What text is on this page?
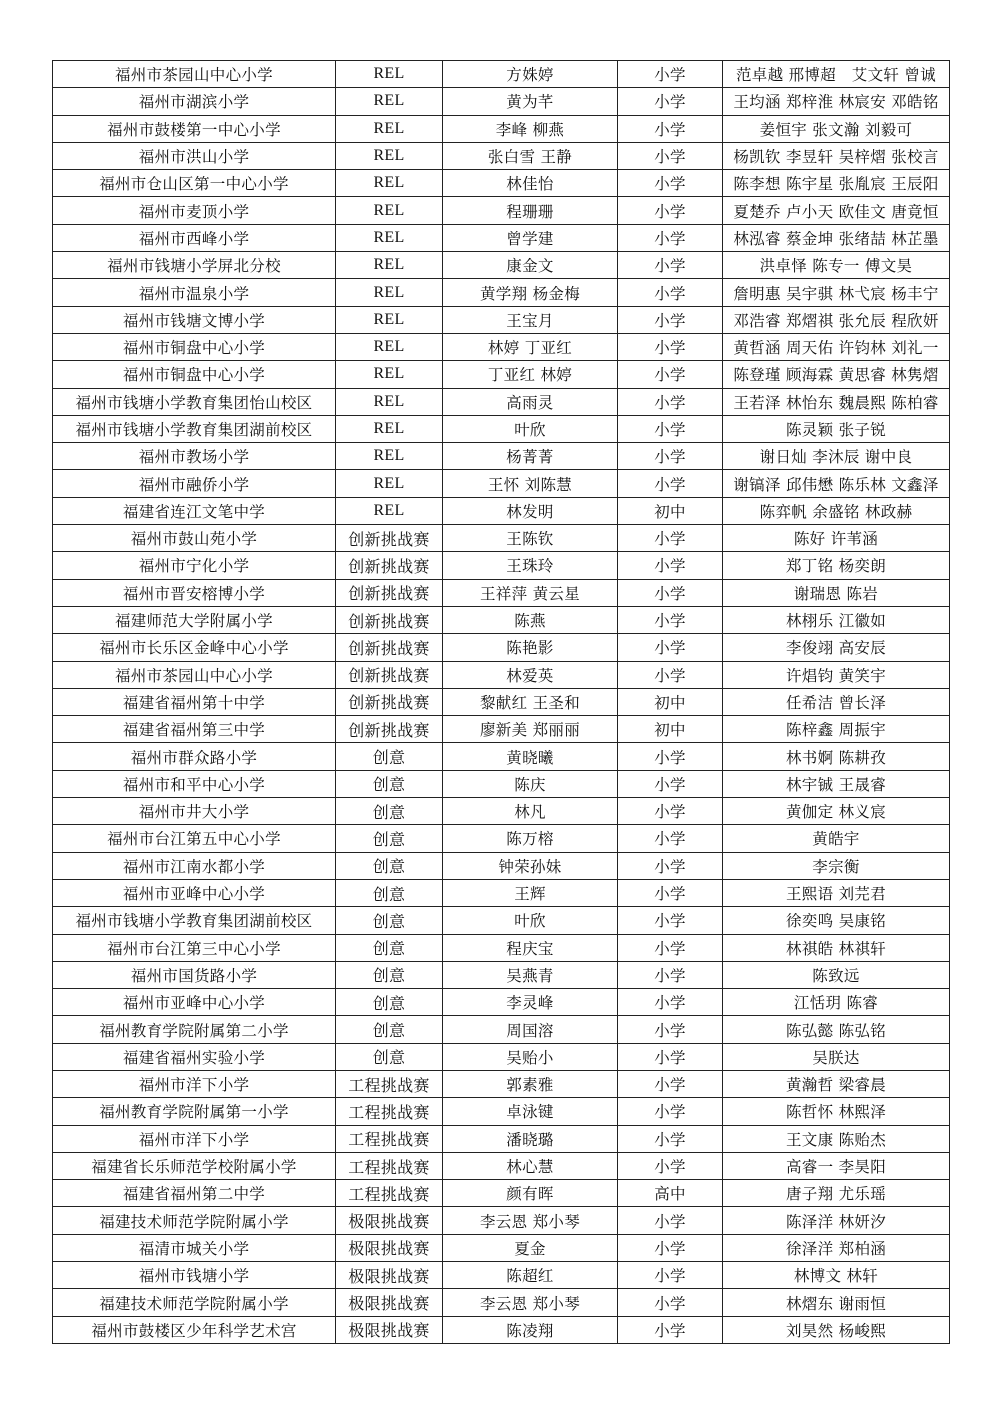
福州市茶园山中心小学	REL	方姝婷	小学	范卓越 邢博超　艾文轩 曾诚
福州市湖滨小学	REL	黄为芊	小学	王均涵 郑梓淮 林宸安 邓皓铭
福州市鼓楼第一中心小学	REL	李峰 柳燕	小学	姜恒宇 张文瀚 刘毅可
福州市洪山小学	REL	张白雪 王静	小学	杨凯钦 李昱轩 吴梓熠 张校言
福州市仓山区第一中心小学	REL	林佳怡	小学	陈李想 陈宇星 张胤宸 王辰阳
福州市麦顶小学	REL	程珊珊	小学	夏楚乔 卢小天 欧佳文 唐竟恒
福州市西峰小学	REL	曾学建	小学	林泓睿 蔡金坤 张绪喆 林芷墨
福州市钱塘小学屏北分校	REL	康金文	小学	洪卓怿 陈专一 傅文昊
福州市温泉小学	REL	黄学翔 杨金梅	小学	詹明惠 吴宇骐 林弋宸 杨丰宁
福州市钱塘文博小学	REL	王宝月	小学	邓浩睿 郑熠祺 张允辰 程欣妍
福州市铜盘中心小学	REL	林婷 丁亚红	小学	黄哲涵 周天佑 许钧林 刘礼一
福州市铜盘中心小学	REL	丁亚红 林婷	小学	陈登瑾 顾海霖 黄思睿 林隽熠
福州市钱塘小学教育集团怡山校区	REL	高雨灵	小学	王若泽 林怡东 魏晨熙 陈柏睿
福州市钱塘小学教育集团湖前校区	REL	叶欣	小学	陈灵颖 张子锐
福州市教场小学	REL	杨菁菁	小学	谢日灿 李沐辰 谢中良
福州市融侨小学	REL	王怀 刘陈慧	小学	谢镐泽 邱伟懋 陈乐林 文鑫泽
福建省连江文笔中学	REL	林发明	初中	陈弈帆 余盛铭 林政赫
福州市鼓山苑小学	创新挑战赛	王陈钦	小学	陈好 许苇涵
福州市宁化小学	创新挑战赛	王珠玲	小学	郑丁铭 杨奕朗
福州市晋安榕博小学	创新挑战赛	王祥萍 黄云星	小学	谢瑞恩 陈岩
福建师范大学附属小学	创新挑战赛	陈燕	小学	林栩乐 江徽如
福州市长乐区金峰中心小学	创新挑战赛	陈艳影	小学	李俊翊 高安辰
福州市茶园山中心小学	创新挑战赛	林爱英	小学	许焻钧 黄笑宇
福建省福州第十中学	创新挑战赛	黎献红 王圣和	初中	任希洁 曾长泽
福建省福州第三中学	创新挑战赛	廖新美 郑丽丽	初中	陈梓鑫 周振宇
福州市群众路小学	创意	黄晓曦	小学	林书婀 陈耕孜
福州市和平中心小学	创意	陈庆	小学	林宇铖 王晟睿
福州市井大小学	创意	林凡	小学	黄伽定 林义宸
福州市台江第五中心小学	创意	陈万榕	小学	黄皓宇
福州市江南水都小学	创意	钟荣孙妹	小学	李宗衡
福州市亚峰中心小学	创意	王辉	小学	王熙语 刘芫君
福州市钱塘小学教育集团湖前校区	创意	叶欣	小学	徐奕鸣 吴康铭
福州市台江第三中心小学	创意	程庆宝	小学	林祺皓 林祺轩
福州市国货路小学	创意	吴燕青	小学	陈致远
福州市亚峰中心小学	创意	李灵峰	小学	江恬玥 陈睿
福州教育学院附属第二小学	创意	周国溶	小学	陈弘懿 陈弘铭
福建省福州实验小学	创意	吴贻小	小学	吴朕达
福州市洋下小学	工程挑战赛	郭素雅	小学	黄瀚哲 梁睿晨
福州教育学院附属第一小学	工程挑战赛	卓泳键	小学	陈哲怀 林熙泽
福州市洋下小学	工程挑战赛	潘晓璐	小学	王文康 陈贻杰
福建省长乐师范学校附属小学	工程挑战赛	林心慧	小学	高睿一 李昊阳
福建省福州第二中学	工程挑战赛	颜有晖	高中	唐子翔 尤乐瑶
福建技术师范学院附属小学	极限挑战赛	李云恩 郑小琴	小学	陈泽洋 林妍汐
福清市城关小学	极限挑战赛	夏金	小学	徐泽洋 郑柏涵
福州市钱塘小学	极限挑战赛	陈超红	小学	林博文 林轩
福建技术师范学院附属小学	极限挑战赛	李云恩 郑小琴	小学	林熠东 谢雨恒
福州市鼓楼区少年科学艺术宫	极限挑战赛	陈凌翔	小学	刘昊然 杨峻熙
